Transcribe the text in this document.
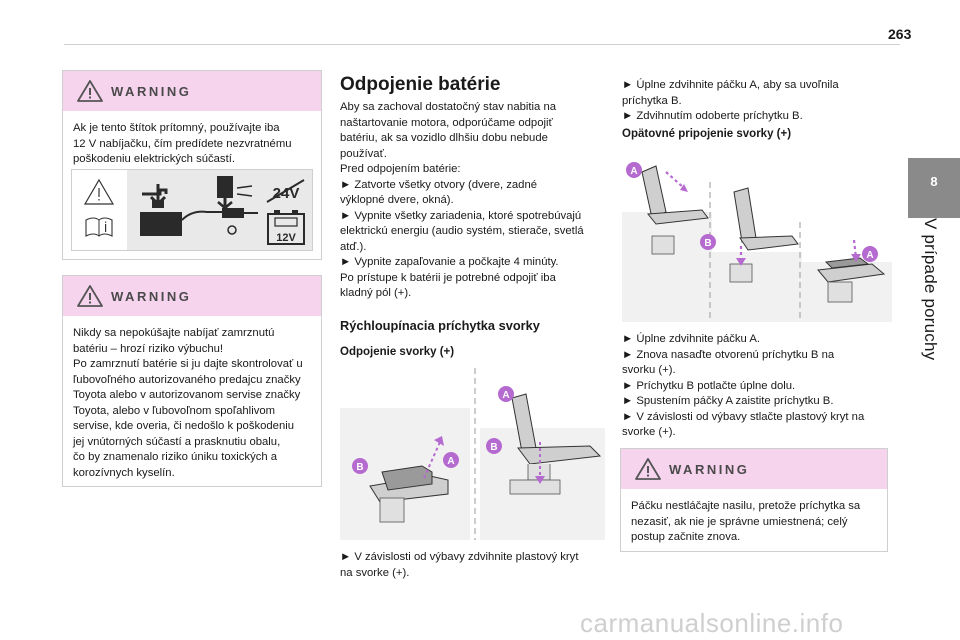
263
8
V prípade poruchy
WARNING
Ak je tento štítok prítomný, používajte iba
12 V nabíjačku, čím predídete nezvratnému
poškodeniu elektrických súčastí.
24V
12V
WARNING
Nikdy sa nepokúšajte nabíjať zamrznutú
batériu – hrozí riziko výbuchu!
Po zamrznutí batérie si ju dajte skontrolovať u
ľubovoľného autorizovaného predajcu značky
Toyota alebo v autorizovanom servise značky
Toyota, alebo v ľubovoľnom spoľahlivom
servise, kde overia, či nedošlo k poškodeniu
jej vnútorných súčastí a prasknutiu obalu,
čo by znamenalo riziko úniku toxických a
korozívnych kyselín.
Odpojenie batérie

Aby sa zachoval dostatočný stav nabitia na

naštartovanie motora, odporúčame odpojiť

batériu, ak sa vozidlo dlhšiu dobu nebude

používať.

Pred odpojením batérie:

► Zatvorte všetky otvory (dvere, zadné

výklopné dvere, okná).

► Vypnite všetky zariadenia, ktoré spotrebúvajú

elektrickú energiu (audio systém, stierače, svetlá

atď.).

► Vypnite zapaľovanie a počkajte 4 minúty.

Po prístupe k batérii je potrebné odpojiť iba

kladný pól (+).

Rýchloupínacia príchytka svorky
Odpojenie svorky (+)
B
A
A
B

► V závislosti od výbavy zdvihnite plastový kryt

na svorke (+).

► Úplne zdvihnite páčku A, aby sa uvoľnila

príchytka B.

► Zdvihnutím odoberte príchytku B.

Opätovné pripojenie svorky (+)
A
B
A

► Úplne zdvihnite páčku A.

► Znova nasaďte otvorenú príchytku B na

svorku (+).

► Príchytku B potlačte úplne dolu.

► Spustením páčky A zaistite príchytku B.

► V závislosti od výbavy stlačte plastový kryt na

svorke (+).

WARNING
Páčku nestláčajte nasilu, pretože príchytka sa
nezasiť, ak nie je správne umiestnená; celý
postup začnite znova.
carmanualsonline.info
